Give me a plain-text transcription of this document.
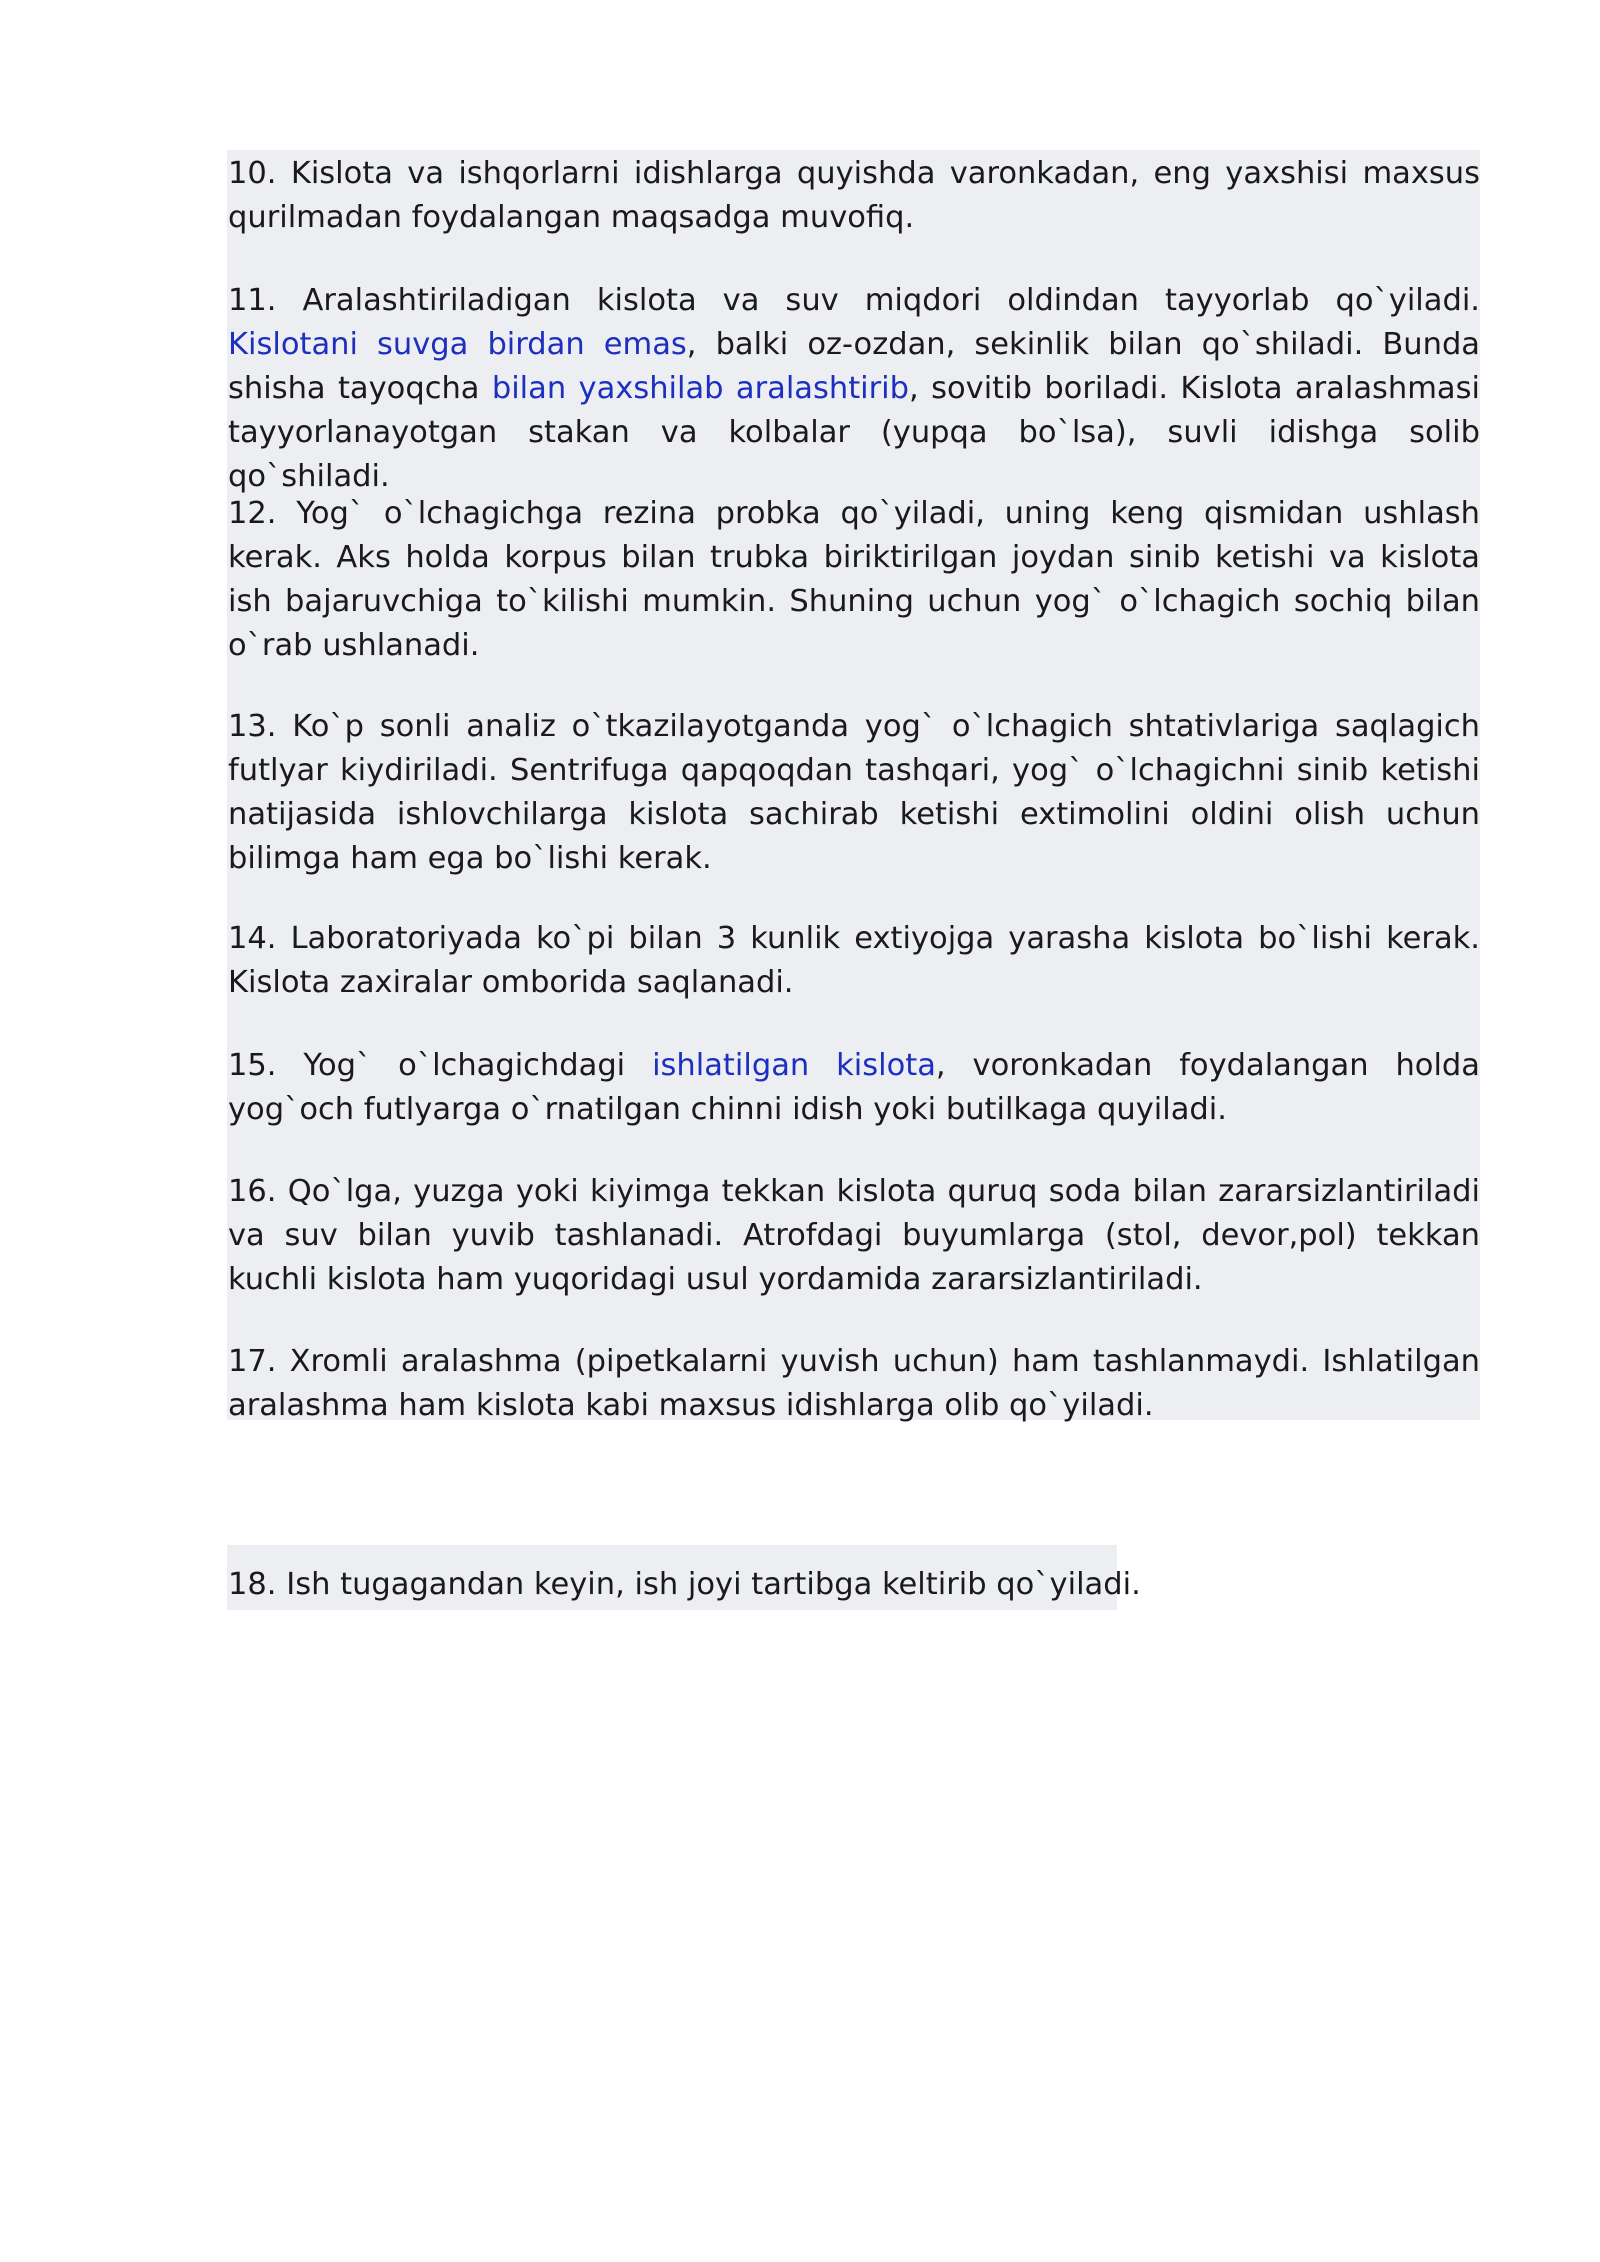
10. Kislota va ishqorlarni idishlarga quyishda varonkadan, eng yaxshisi maxsus qurilmadan foydalangan maqsadga muvofiq.

11. Aralashtiriladigan kislota va suv miqdori oldindan tayyorlab qo`yiladi. Kislotani suvga birdan emas, balki oz-ozdan, sekinlik bilan qo`shiladi. Bunda shisha tayoqcha bilan yaxshilab aralashtirib, sovitib boriladi. Kislota aralashmasi tayyorlanayotgan stakan va kolbalar (yupqa bo`lsa), suvli idishga solib qo`shiladi.

12. Yog` o`lchagichga rezina probka qo`yiladi, uning keng qismidan ushlash kerak. Aks holda korpus bilan trubka biriktirilgan joydan sinib ketishi va kislota ish bajaruvchiga to`kilishi mumkin. Shuning uchun yog` o`lchagich sochiq bilan o`rab ushlanadi.

13. Ko`p sonli analiz o`tkazilayotganda yog` o`lchagich shtativlariga saqlagich futlyar kiydiriladi. Sentrifuga qapqoqdan tashqari, yog` o`lchagichni sinib ketishi natijasida ishlovchilarga kislota sachirab ketishi extimolini oldini olish uchun bilimga ham ega bo`lishi kerak.

14. Laboratoriyada ko`pi bilan 3 kunlik extiyojga yarasha kislota bo`lishi kerak. Kislota zaxiralar omborida saqlanadi.

15. Yog` o`lchagichdagi ishlatilgan kislota, voronkadan foydalangan holda yog`och futlyarga o`rnatilgan chinni idish yoki butilkaga quyiladi.

16. Qo`lga, yuzga yoki kiyimga tekkan kislota quruq soda bilan zararsizlantiriladi va suv bilan yuvib tashlanadi. Atrofdagi buyumlarga (stol, devor,pol) tekkan kuchli kislota ham yuqoridagi usul yordamida zararsizlantiriladi.

17. Xromli aralashma (pipetkalarni yuvish uchun) ham tashlanmaydi. Ishlatilgan aralashma ham kislota kabi maxsus idishlarga olib qo`yiladi.

18. Ish tugagandan keyin, ish joyi tartibga keltirib qo`yiladi.
